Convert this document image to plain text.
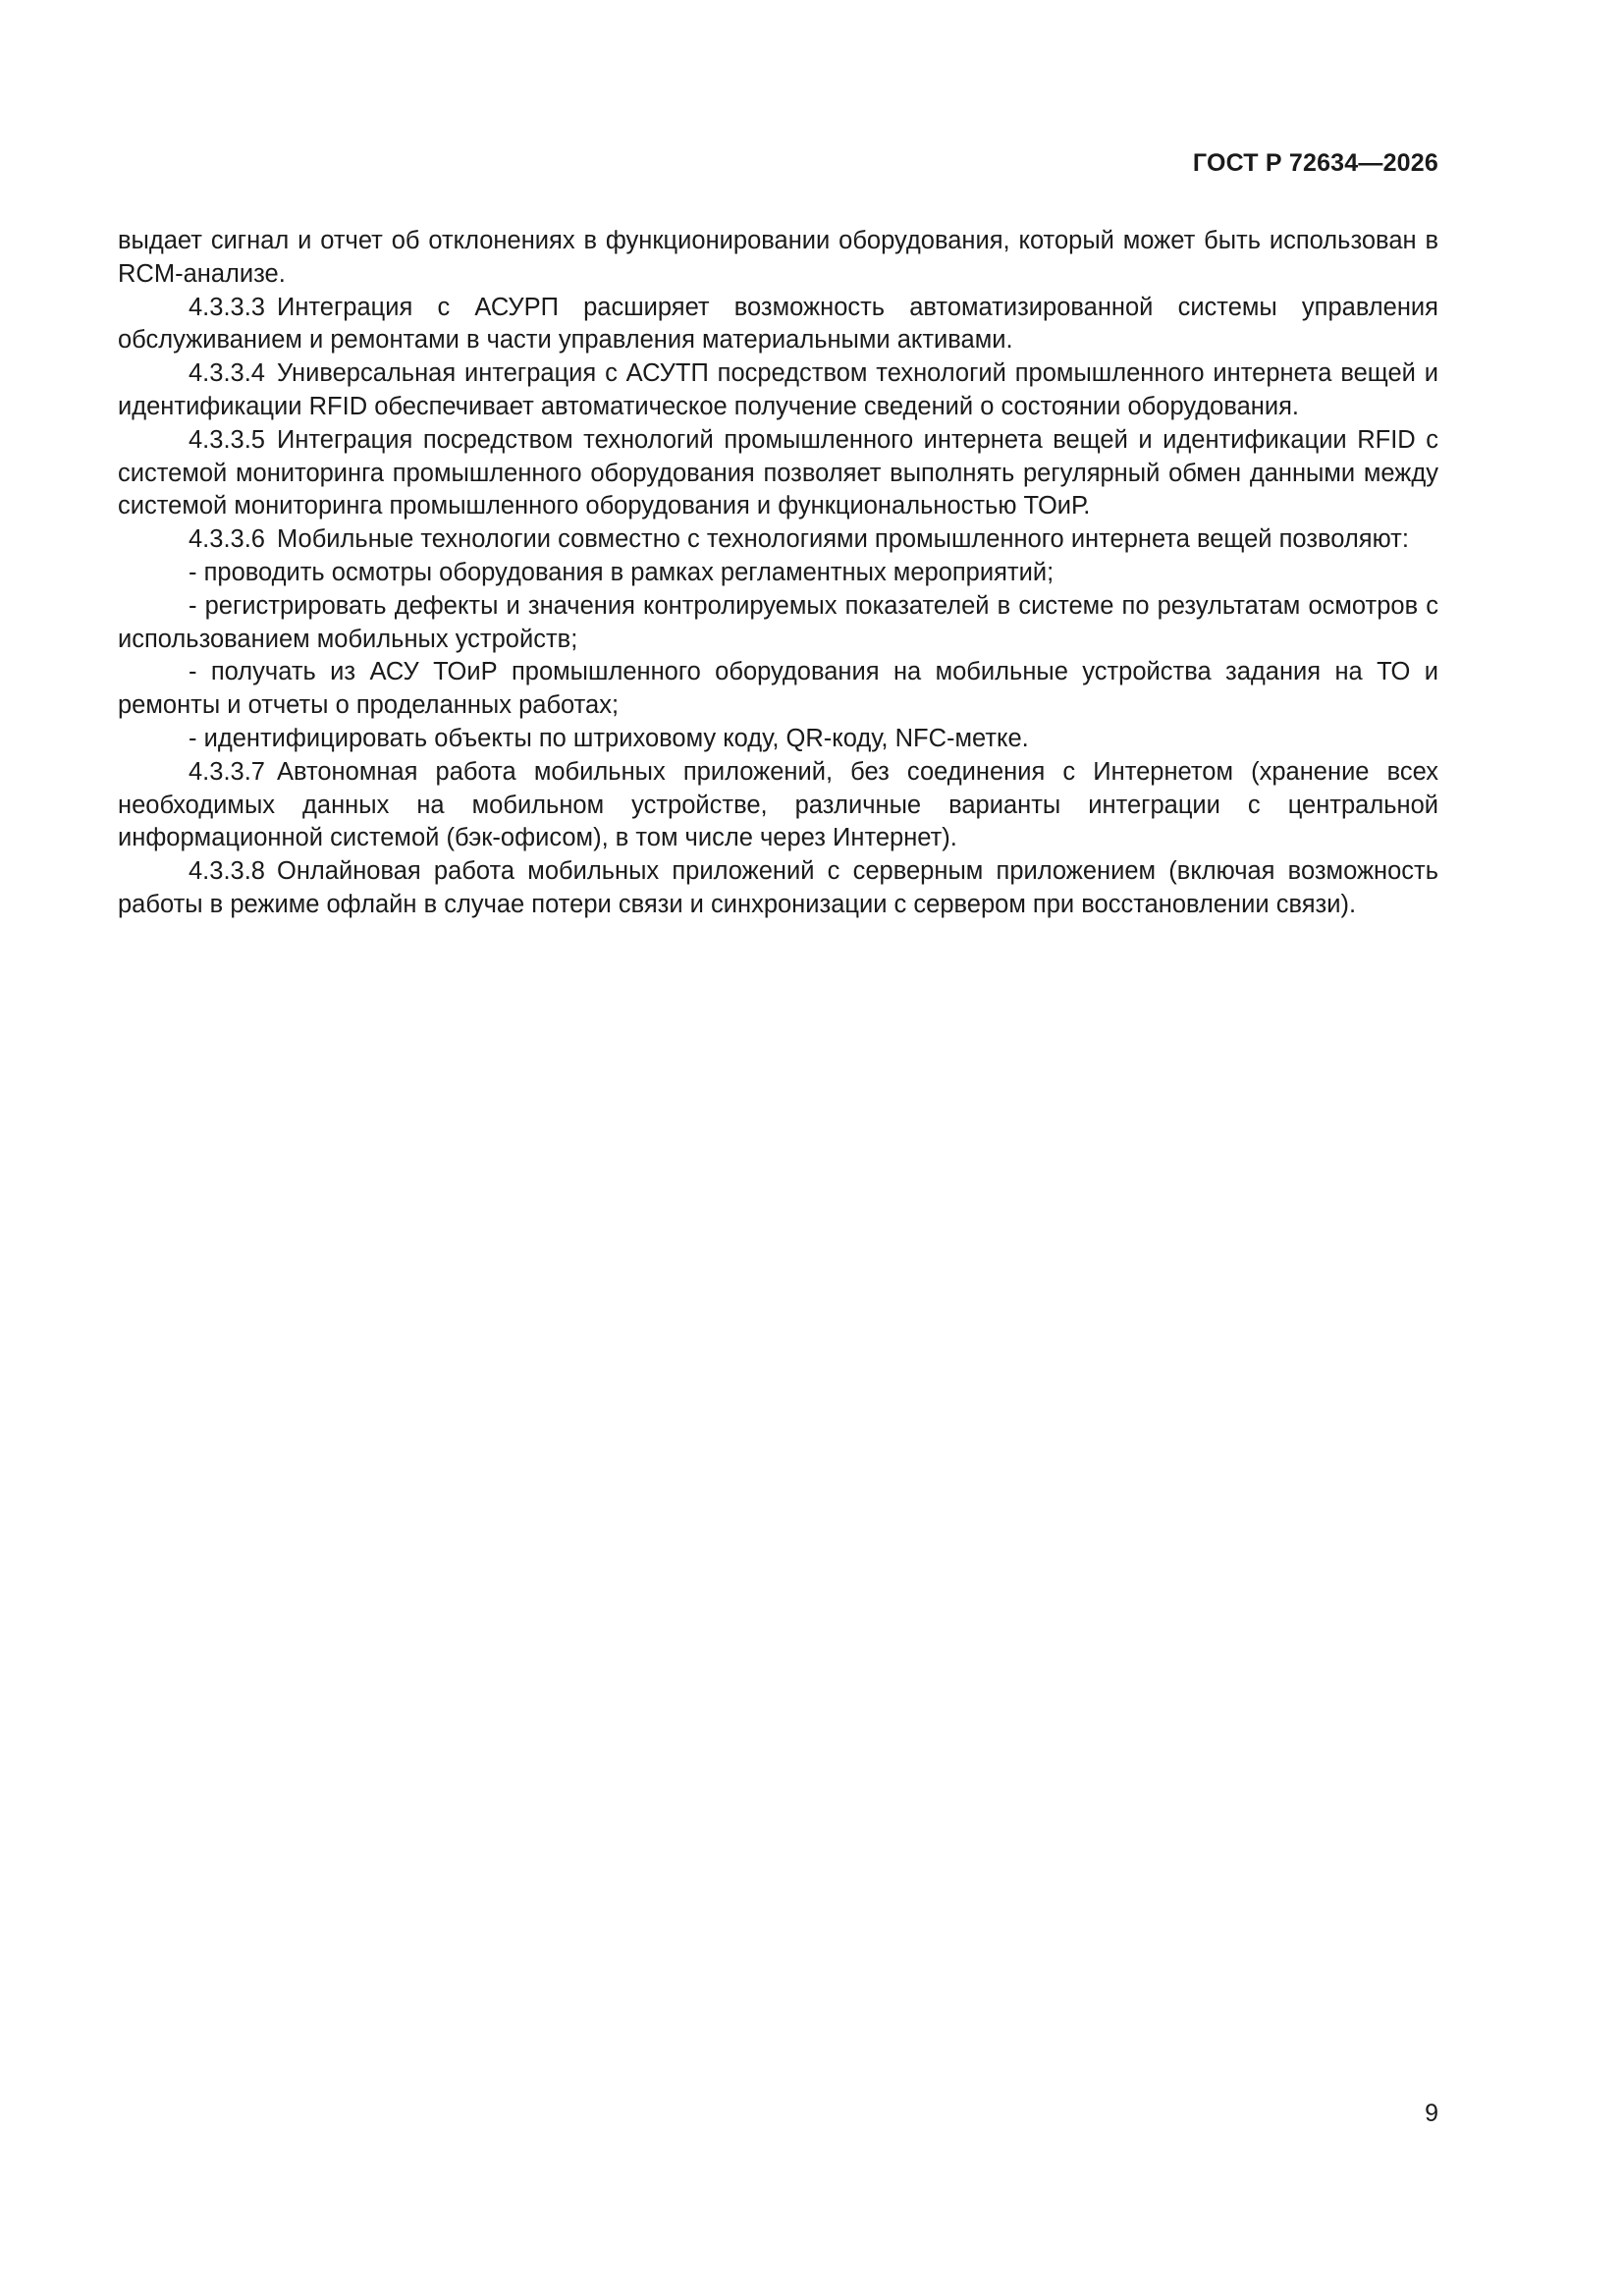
ГОСТ Р 72634—2026

выдает сигнал и отчет об отклонениях в функционировании оборудования, который может быть использован в RCM-анализе.

4.3.3.3 Интеграция с АСУРП расширяет возможность автоматизированной системы управления обслуживанием и ремонтами в части управления материальными активами.

4.3.3.4 Универсальная интеграция с АСУТП посредством технологий промышленного интернета вещей и идентификации RFID обеспечивает автоматическое получение сведений о состоянии оборудования.

4.3.3.5 Интеграция посредством технологий промышленного интернета вещей и идентификации RFID с системой мониторинга промышленного оборудования позволяет выполнять регулярный обмен данными между системой мониторинга промышленного оборудования и функциональностью ТОиР.

4.3.3.6 Мобильные технологии совместно с технологиями промышленного интернета вещей позволяют:

- проводить осмотры оборудования в рамках регламентных мероприятий;

- регистрировать дефекты и значения контролируемых показателей в системе по результатам осмотров с использованием мобильных устройств;

- получать из АСУ ТОиР промышленного оборудования на мобильные устройства задания на ТО и ремонты и отчеты о проделанных работах;

- идентифицировать объекты по штриховому коду, QR-коду, NFC-метке.

4.3.3.7 Автономная работа мобильных приложений, без соединения с Интернетом (хранение всех необходимых данных на мобильном устройстве, различные варианты интеграции с центральной информационной системой (бэк-офисом), в том числе через Интернет).

4.3.3.8 Онлайновая работа мобильных приложений с серверным приложением (включая возможность работы в режиме офлайн в случае потери связи и синхронизации с сервером при восстановлении связи).

9
